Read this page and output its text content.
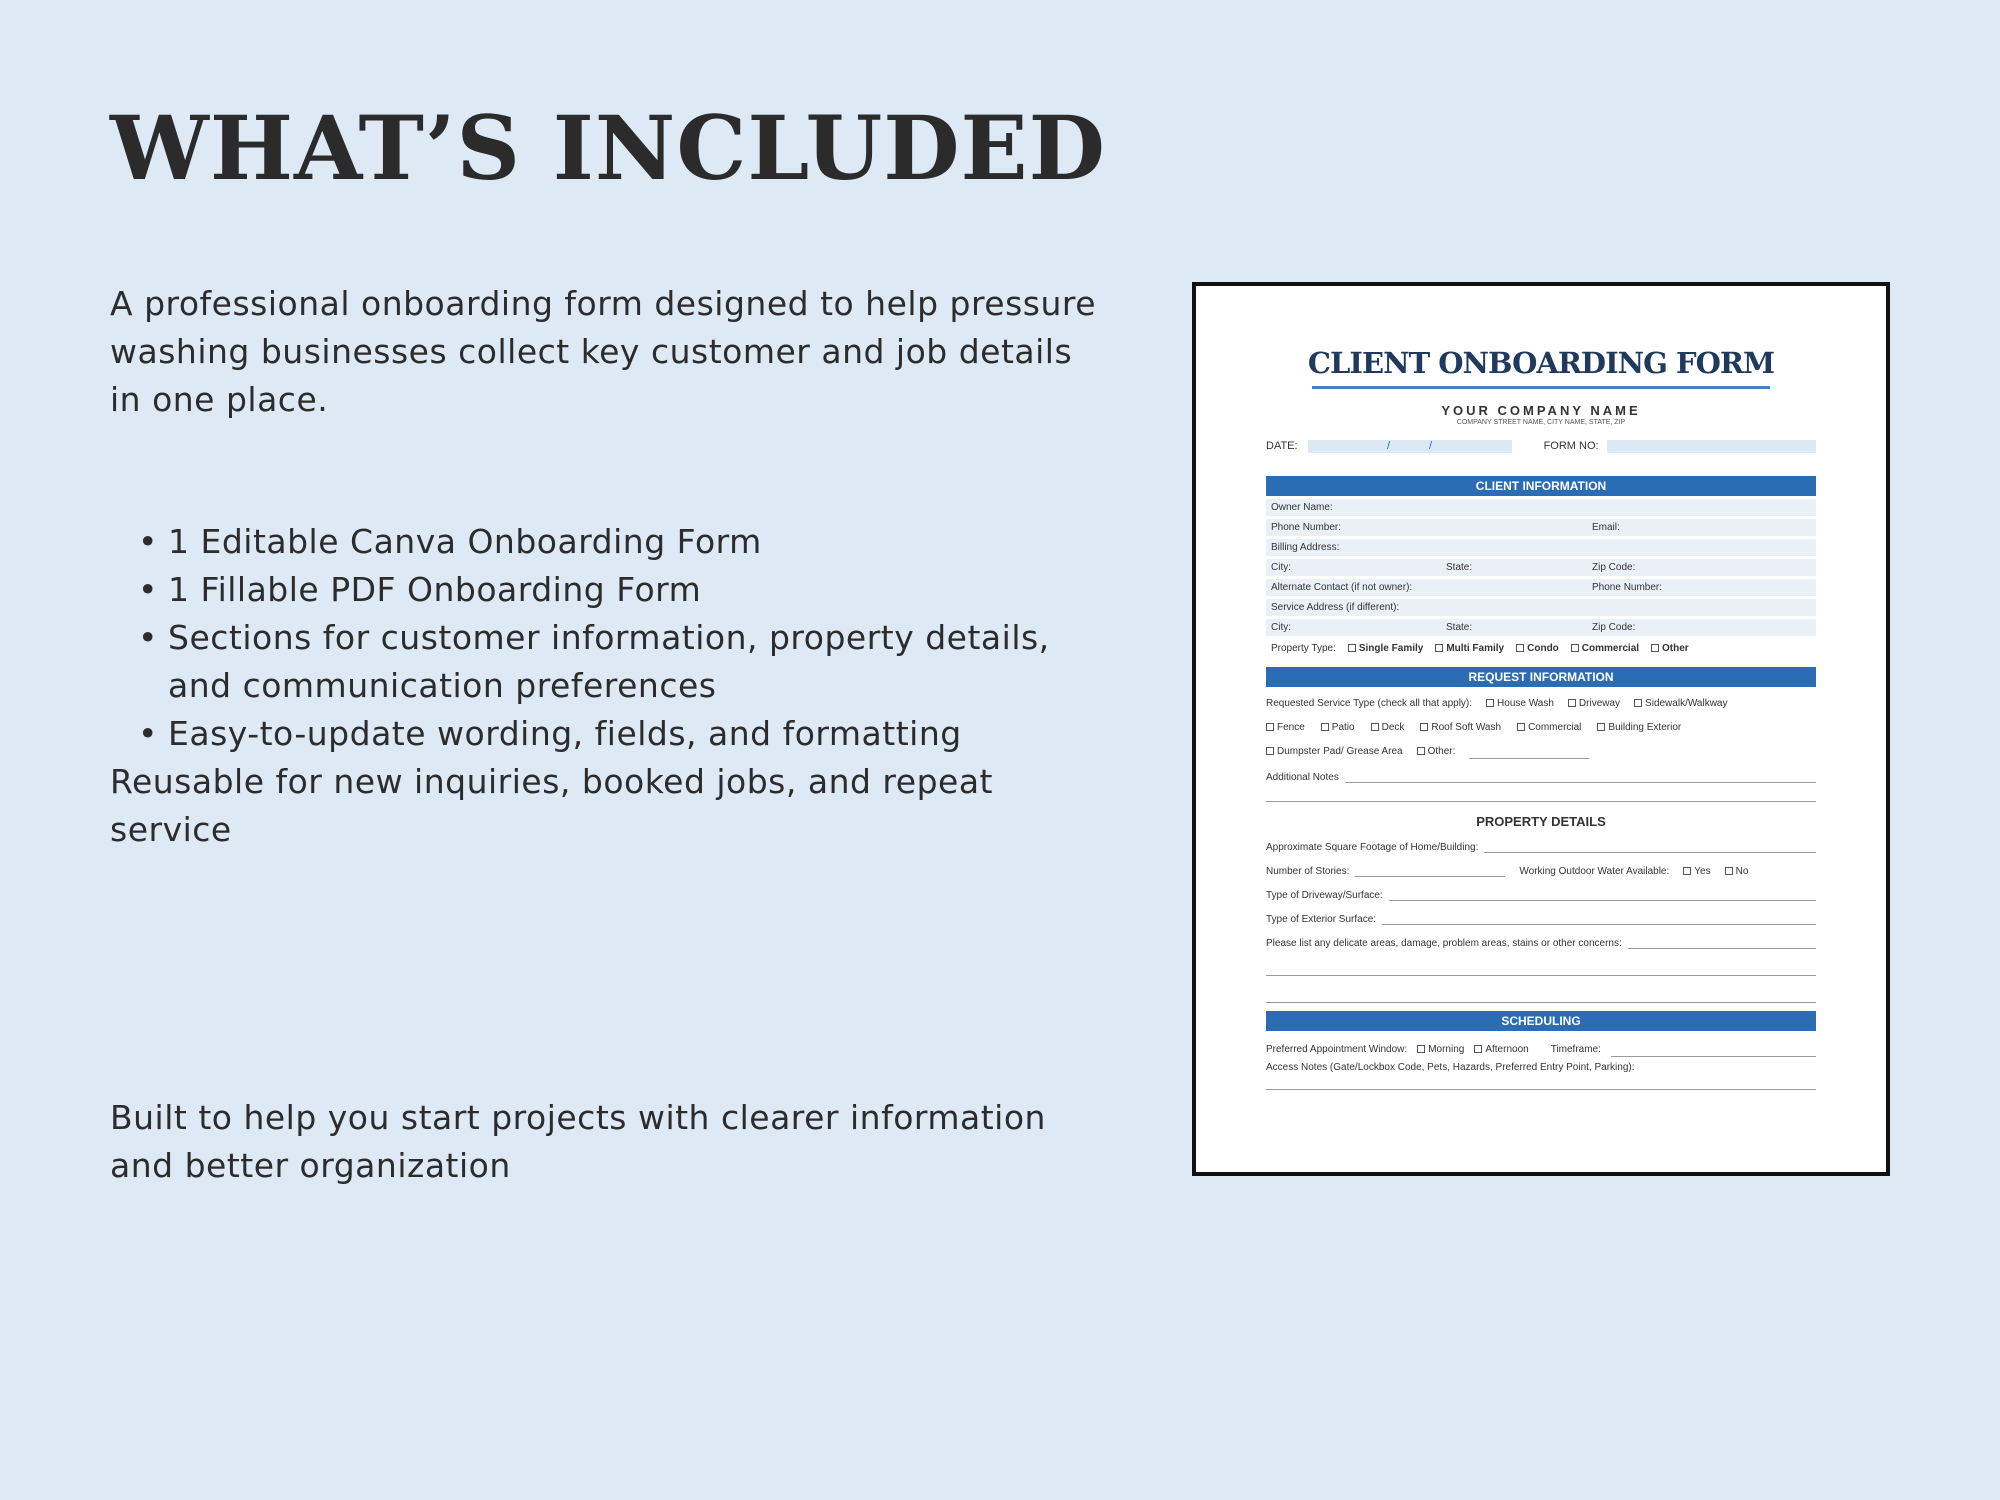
WHAT’S INCLUDED

A professional onboarding form designed to help pressure washing businesses collect key customer and job details in one place.

• 1 Editable Canva Onboarding Form
• 1 Fillable PDF Onboarding Form
• Sections for customer information, property details, and communication preferences
• Easy-to-update wording, fields, and formatting

Reusable for new inquiries, booked jobs, and repeat service

Built to help you start projects with clearer information and better organization

CLIENT ONBOARDING FORM
YOUR COMPANY NAME
COMPANY STREET NAME, CITY NAME, STATE, ZIP
DATE:	/	/	FORM NO:
CLIENT INFORMATION
Owner Name:
Phone Number:	Email:
Billing Address:
City:	State:	Zip Code:
Alternate Contact (if not owner):	Phone Number:
Service Address (if different):
City:	State:	Zip Code:
Property Type:	Single Family	Multi Family	Condo	Commercial	Other
REQUEST INFORMATION
Requested Service Type (check all that apply):	House Wash	Driveway	Sidewalk/Walkway
Fence	Patio	Deck	Roof Soft Wash	Commercial	Building Exterior
Dumpster Pad/ Grease Area	Other:
Additional Notes
PROPERTY DETAILS
Approximate Square Footage of Home/Building:
Number of Stories:	Working Outdoor Water Available:	Yes	No
Type of Driveway/Surface:
Type of Exterior Surface:
Please list any delicate areas, damage, problem areas, stains or other concerns:
SCHEDULING
Preferred Appointment Window:	Morning	Afternoon Timeframe:
Access Notes (Gate/Lockbox Code, Pets, Hazards, Preferred Entry Point, Parking):
